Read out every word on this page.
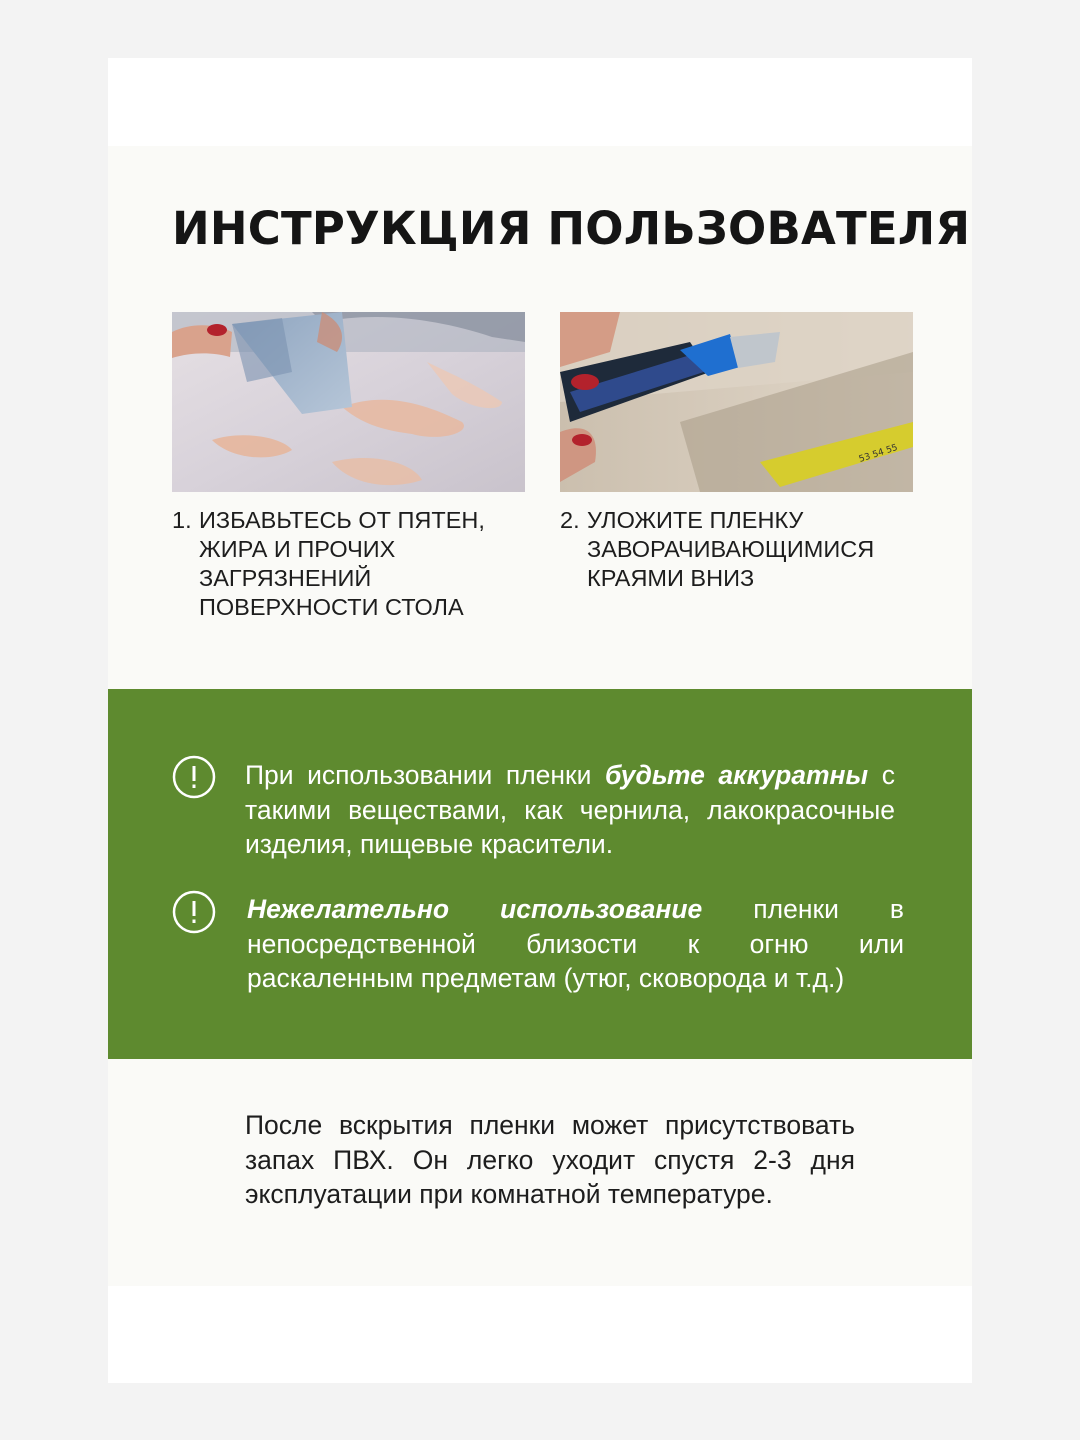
ИНСТРУКЦИЯ ПОЛЬЗОВАТЕЛЯ
53 54 55
1. ИЗБАВЬТЕСЬ ОТ ПЯТЕН, ЖИРА И ПРОЧИХ ЗАГРЯЗНЕНИЙ ПОВЕРХНОСТИ СТОЛА
2. УЛОЖИТЕ ПЛЕНКУ ЗАВОРАЧИВАЮЩИМИСЯ КРАЯМИ ВНИЗ

При использовании пленки будьте аккуратны с такими веществами, как чернила, лакокрасочные изделия, пищевые красители.

Нежелательно использование пленки в непосредственной близости к огню или раскаленным предметам (утюг, сковорода и т.д.)

После вскрытия пленки может присутствовать запах ПВХ. Он легко уходит спустя 2-3 дня эксплуатации при комнатной температуре.
